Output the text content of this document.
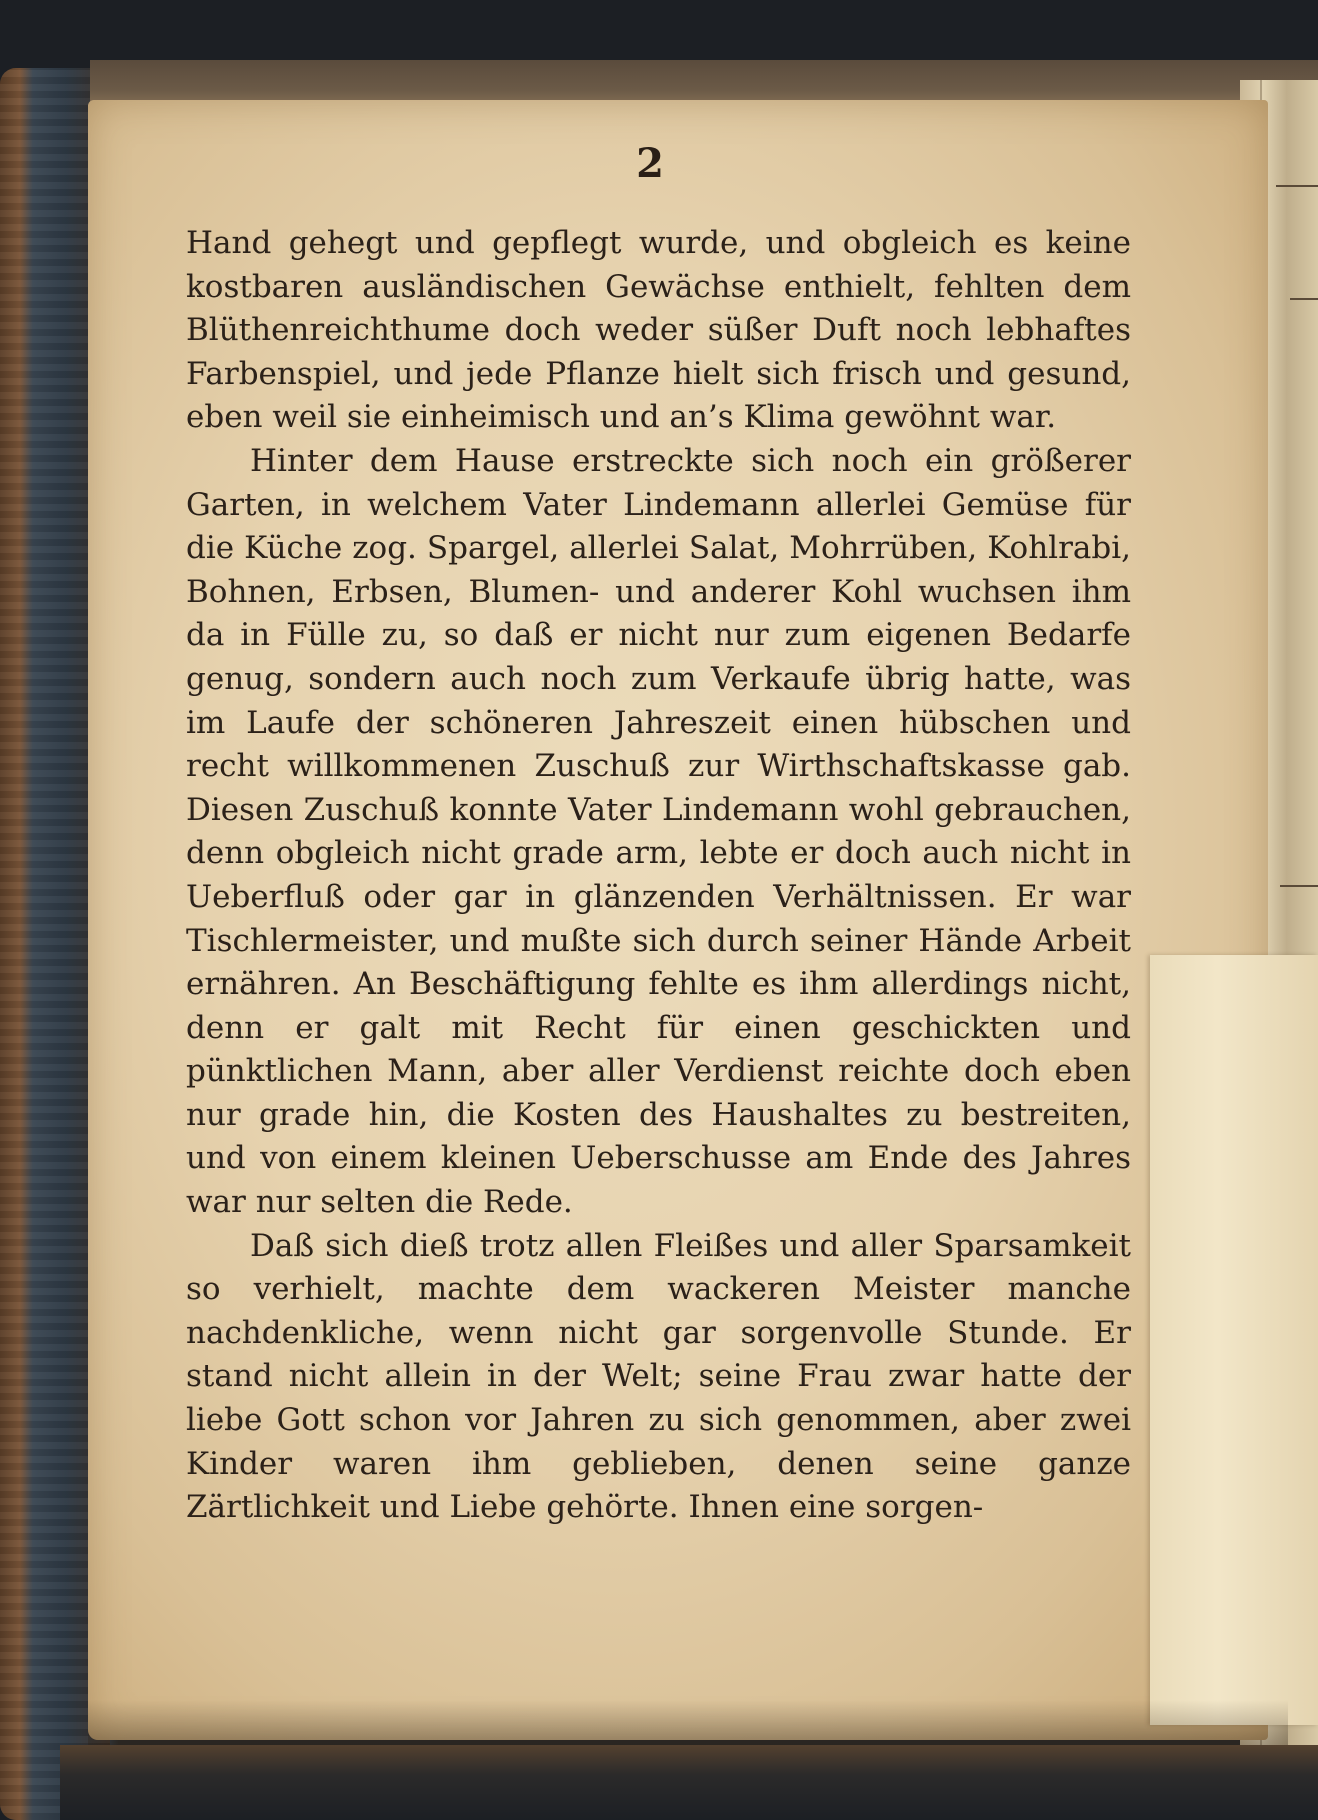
2

Hand gehegt und gepflegt wurde, und obgleich es keine kostbaren ausländischen Gewächse enthielt, fehlten dem Blüthenreichthume doch weder süßer Duft noch lebhaftes Farbenspiel, und jede Pflanze hielt sich frisch und gesund, eben weil sie einheimisch und an’s Klima gewöhnt war.

Hinter dem Hause erstreckte sich noch ein größerer Garten, in welchem Vater Lindemann allerlei Gemüse für die Küche zog. Spargel, allerlei Salat, Mohrrüben, Kohlrabi, Bohnen, Erbsen, Blumen- und anderer Kohl wuchsen ihm da in Fülle zu, so daß er nicht nur zum eigenen Bedarfe genug, sondern auch noch zum Verkaufe übrig hatte, was im Laufe der schöneren Jahreszeit einen hübschen und recht willkommenen Zuschuß zur Wirthschaftskasse gab. Diesen Zuschuß konnte Vater Lindemann wohl gebrauchen, denn obgleich nicht grade arm, lebte er doch auch nicht in Ueberfluß oder gar in glänzenden Verhältnissen. Er war Tischlermeister, und mußte sich durch seiner Hände Arbeit ernähren. An Beschäftigung fehlte es ihm allerdings nicht, denn er galt mit Recht für einen geschickten und pünktlichen Mann, aber aller Verdienst reichte doch eben nur grade hin, die Kosten des Haushaltes zu bestreiten, und von einem kleinen Ueberschusse am Ende des Jahres war nur selten die Rede.

Daß sich dieß trotz allen Fleißes und aller Sparsamkeit so verhielt, machte dem wackeren Meister manche nachdenkliche, wenn nicht gar sorgenvolle Stunde. Er stand nicht allein in der Welt; seine Frau zwar hatte der liebe Gott schon vor Jahren zu sich genommen, aber zwei Kinder waren ihm geblieben, denen seine ganze Zärtlichkeit und Liebe gehörte. Ihnen eine sorgen-
